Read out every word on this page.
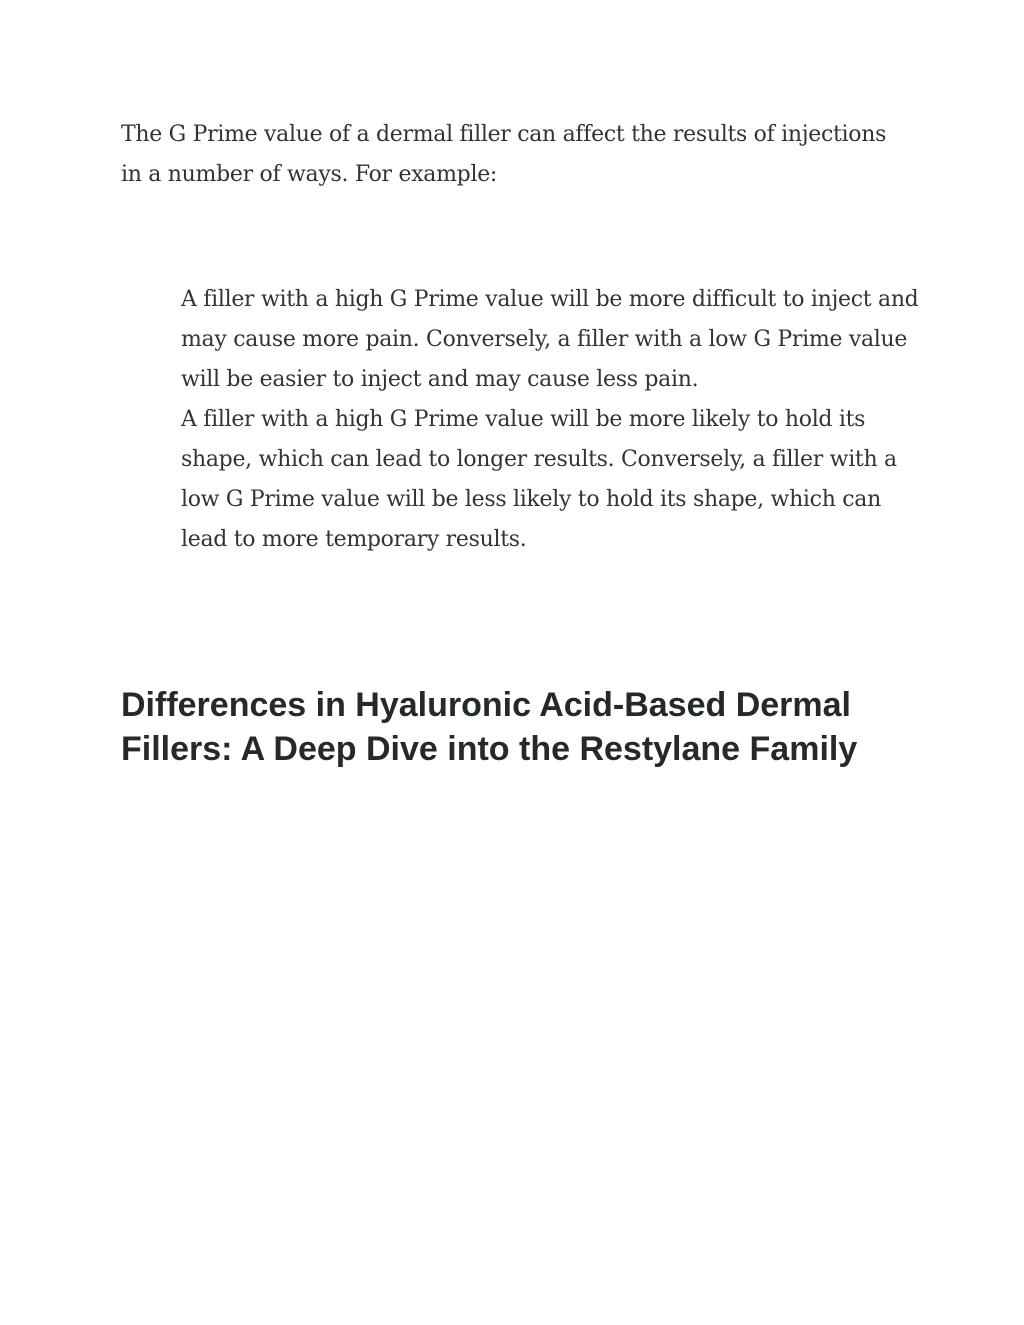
The G Prime value of a dermal filler can affect the results of injections in a number of ways. For example:

A filler with a high G Prime value will be more difficult to inject and may cause more pain. Conversely, a filler with a low G Prime value will be easier to inject and may cause less pain.
A filler with a high G Prime value will be more likely to hold its shape, which can lead to longer results. Conversely, a filler with a low G Prime value will be less likely to hold its shape, which can lead to more temporary results.
Differences in Hyaluronic Acid-Based Dermal Fillers: A Deep Dive into the Restylane Family
